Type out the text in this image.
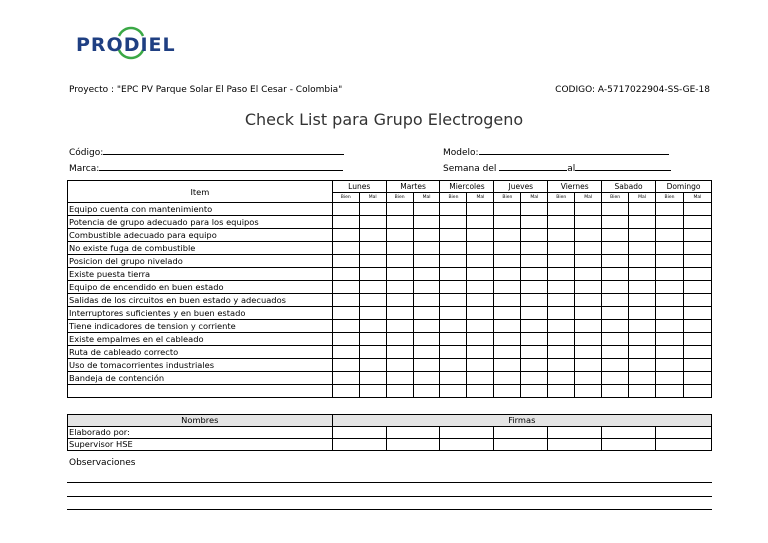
PRODIEL
Proyecto : "EPC PV Parque Solar El Paso El Cesar - Colombia"	CODIGO: A-5717022904-SS-GE-18
Check List para Grupo Electrogeno
Código:
Marca:
Modelo:
Semana del	al
Item	Lunes		Martes		Miercoles		Jueves		Viernes		Sabado		Domingo	
	Bien	Mal	Bien	Mal	Bien	Mal	Bien	Mal	Bien	Mal	Bien	Mal	Bien	Mal
Equipo cuenta con mantenimiento														
Potencia de grupo adecuado para los equipos														
Combustible adecuado para equipo														
No existe fuga de combustible														
Posicion del grupo nivelado														
Existe puesta tierra														
Equipo de encendido en buen estado														
Salidas de los circuitos en buen estado y adecuados														
Interruptores suficientes y en buen estado														
Tiene indicadores de tension y corriente														
Existe empalmes en el cableado														
Ruta de cableado correcto														
Uso de tomacorrientes industriales														
Bandeja de contención														

Nombres	Firmas						
Elaborado por:							
Supervisor HSE							
Observaciones
